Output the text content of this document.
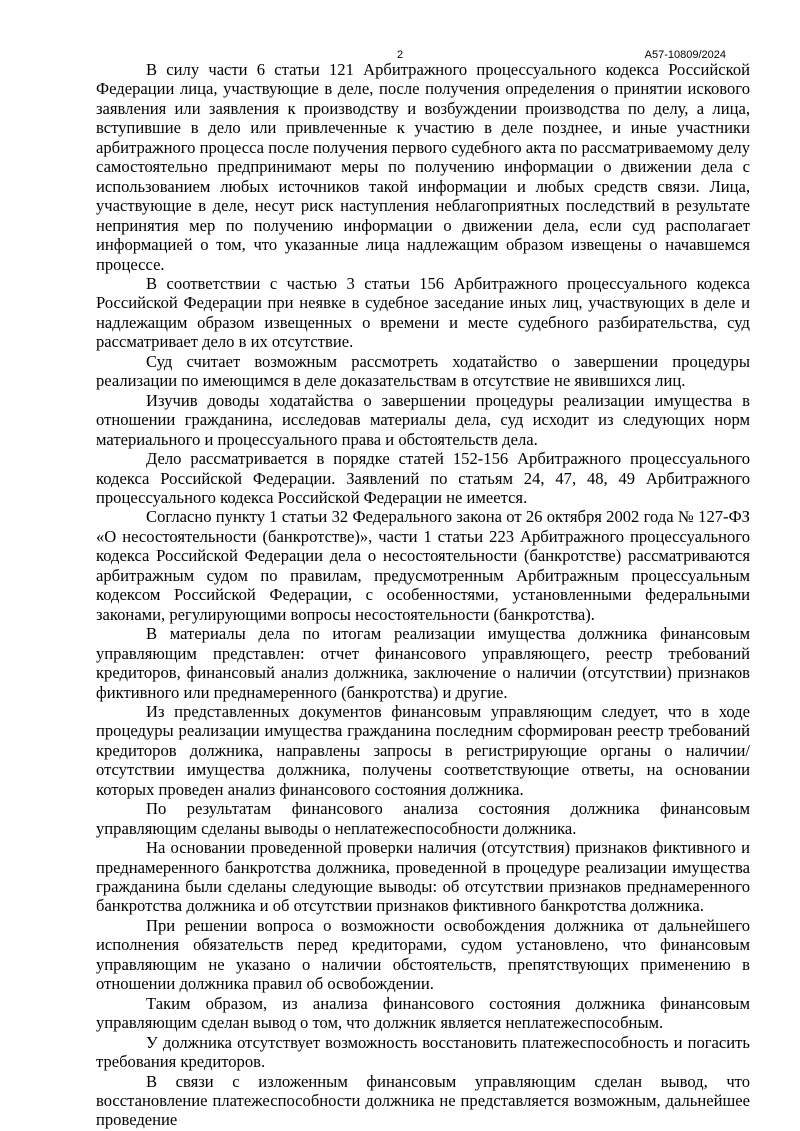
2	А57-10809/2024

В силу части 6 статьи 121 Арбитражного процессуального кодекса Российской Федерации лица, участвующие в деле, после получения определения о принятии искового заявления или заявления к производству и возбуждении производства по делу, а лица, вступившие в дело или привлеченные к участию в деле позднее, и иные участники арбитражного процесса после получения первого судебного акта по рассматриваемому делу самостоятельно предпринимают меры по получению информации о движении дела с использованием любых источников такой информации и любых средств связи. Лица, участвующие в деле, несут риск наступления неблагоприятных последствий в результате непринятия мер по получению информации о движении дела, если суд располагает информацией о том, что указанные лица надлежащим образом извещены о начавшемся процессе.

В соответствии с частью 3 статьи 156 Арбитражного процессуального кодекса Российской Федерации при неявке в судебное заседание иных лиц, участвующих в деле и надлежащим образом извещенных о времени и месте судебного разбирательства, суд рассматривает дело в их отсутствие.

Суд считает возможным рассмотреть ходатайство о завершении процедуры реализации по имеющимся в деле доказательствам в отсутствие не явившихся лиц.

Изучив доводы ходатайства о завершении процедуры реализации имущества в отношении гражданина, исследовав материалы дела, суд исходит из следующих норм материального и процессуального права и обстоятельств дела.

Дело рассматривается в порядке статей 152-156 Арбитражного процессуального кодекса Российской Федерации. Заявлений по статьям 24, 47, 48, 49 Арбитражного процессуального кодекса Российской Федерации не имеется.

Согласно пункту 1 статьи 32 Федерального закона от 26 октября 2002 года № 127-ФЗ «О несостоятельности (банкротстве)», части 1 статьи 223 Арбитражного процессуального кодекса Российской Федерации дела о несостоятельности (банкротстве) рассматриваются арбитражным судом по правилам, предусмотренным Арбитражным процессуальным кодексом Российской Федерации, с особенностями, установленными федеральными законами, регулирующими вопросы несостоятельности (банкротства).

В материалы дела по итогам реализации имущества должника финансовым управляющим представлен: отчет финансового управляющего, реестр требований кредиторов, финансовый анализ должника, заключение о наличии (отсутствии) признаков фиктивного или преднамеренного (банкротства) и другие.

Из представленных документов финансовым управляющим следует, что в ходе процедуры реализации имущества гражданина последним сформирован реестр требований кредиторов должника, направлены запросы в регистрирующие органы о наличии/отсутствии имущества должника, получены соответствующие ответы, на основании которых проведен анализ финансового состояния должника.

По результатам финансового анализа состояния должника финансовым управляющим сделаны выводы о неплатежеспособности должника.

На основании проведенной проверки наличия (отсутствия) признаков фиктивного и преднамеренного банкротства должника, проведенной в процедуре реализации имущества гражданина были сделаны следующие выводы: об отсутствии признаков преднамеренного банкротства должника и об отсутствии признаков фиктивного банкротства должника.

При решении вопроса о возможности освобождения должника от дальнейшего исполнения обязательств перед кредиторами, судом установлено, что финансовым управляющим не указано о наличии обстоятельств, препятствующих применению в отношении должника правил об освобождении.

Таким образом, из анализа финансового состояния должника финансовым управляющим сделан вывод о том, что должник является неплатежеспособным.

У должника отсутствует возможность восстановить платежеспособность и погасить требования кредиторов.

В связи с изложенным финансовым управляющим сделан вывод, что восстановление платежеспособности должника не представляется возможным, дальнейшее проведение
